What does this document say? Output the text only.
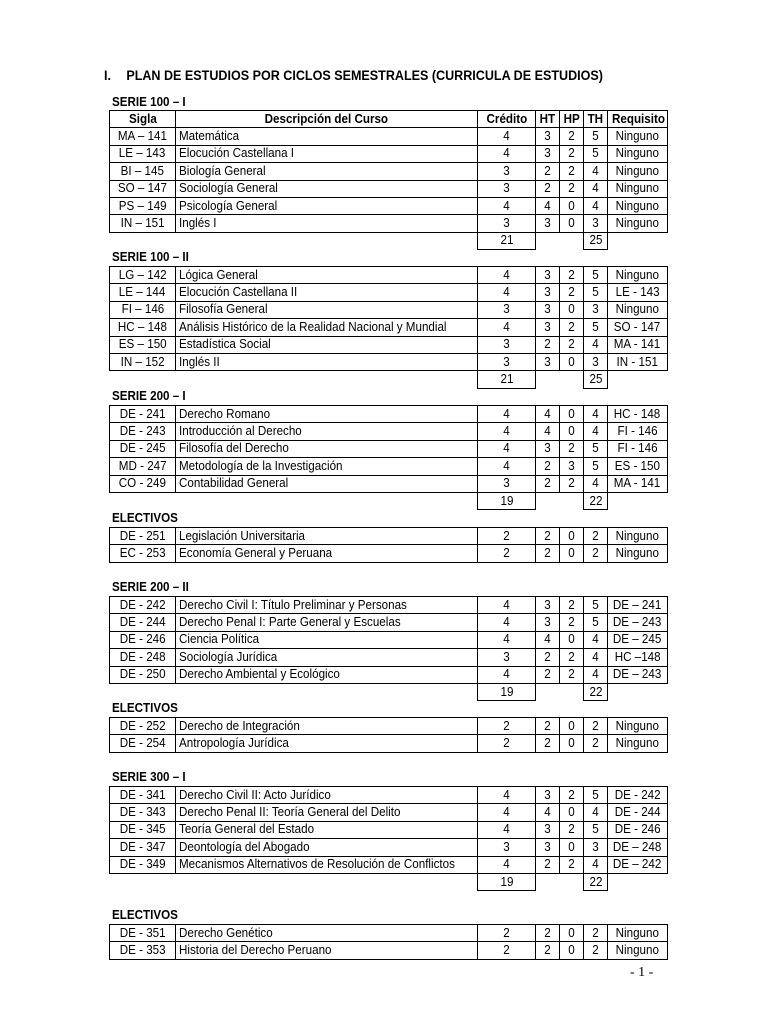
I. PLAN DE ESTUDIOS POR CICLOS SEMESTRALES (CURRICULA DE ESTUDIOS)
SERIE 100 – I
Sigla	Descripción del Curso	Crédito	HT	HP	TH	Requisito
MA – 141	Matemática	4	3	2	5	Ninguno
LE – 143	Elocución Castellana I	4	3	2	5	Ninguno
BI – 145	Biología General	3	2	2	4	Ninguno
SO – 147	Sociología General	3	2	2	4	Ninguno
PS – 149	Psicología General	4	4	0	4	Ninguno
IN – 151	Inglés I	3	3	0	3	Ninguno
		21			25	
SERIE 100 – II
LG – 142	Lógica General	4	3	2	5	Ninguno
LE – 144	Elocución Castellana II	4	3	2	5	LE - 143
FI – 146	Filosofía General	3	3	0	3	Ninguno
HC – 148	Análisis Histórico de la Realidad Nacional y Mundial	4	3	2	5	SO - 147
ES – 150	Estadística Social	3	2	2	4	MA - 141
IN – 152	Inglés II	3	3	0	3	IN - 151
		21			25	
SERIE 200 – I
DE - 241	Derecho Romano	4	4	0	4	HC - 148
DE - 243	Introducción al Derecho	4	4	0	4	FI - 146
DE - 245	Filosofía del Derecho	4	3	2	5	FI - 146
MD - 247	Metodología de la Investigación	4	2	3	5	ES - 150
CO - 249	Contabilidad General	3	2	2	4	MA - 141
		19			22	
ELECTIVOS
DE - 251	Legislación Universitaria	2	2	0	2	Ninguno
EC - 253	Economía General y Peruana	2	2	0	2	Ninguno
SERIE 200 – II
DE - 242	Derecho Civil I: Título Preliminar y Personas	4	3	2	5	DE – 241
DE - 244	Derecho Penal I: Parte General y Escuelas	4	3	2	5	DE – 243
DE - 246	Ciencia Política	4	4	0	4	DE – 245
DE - 248	Sociología Jurídica	3	2	2	4	HC –148
DE - 250	Derecho Ambiental y Ecológico	4	2	2	4	DE – 243
		19			22	
ELECTIVOS
DE - 252	Derecho de Integración	2	2	0	2	Ninguno
DE - 254	Antropología Jurídica	2	2	0	2	Ninguno
SERIE 300 – I
DE - 341	Derecho Civil II: Acto Jurídico	4	3	2	5	DE - 242
DE - 343	Derecho Penal II: Teoría General del Delito	4	4	0	4	DE - 244
DE - 345	Teoría General del Estado	4	3	2	5	DE - 246
DE - 347	Deontología del Abogado	3	3	0	3	DE – 248
DE - 349	Mecanismos Alternativos de Resolución de Conflictos	4	2	2	4	DE – 242
		19			22	
ELECTIVOS
DE - 351	Derecho Genético	2	2	0	2	Ninguno
DE - 353	Historia del Derecho Peruano	2	2	0	2	Ninguno
- 1 -
